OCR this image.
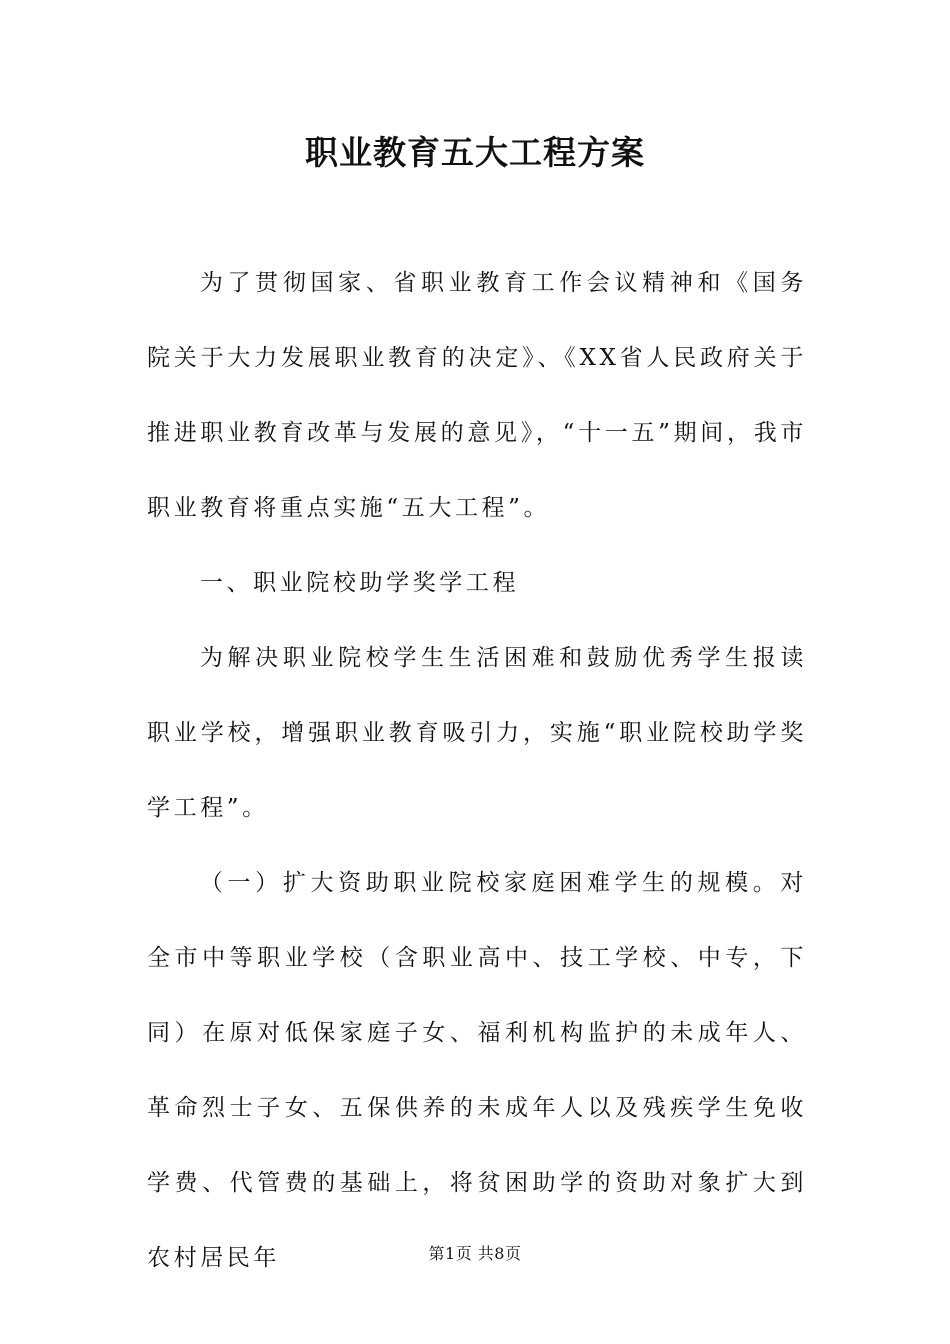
职业教育五大工程方案

为了贯彻国家、省职业教育工作会议精神和《国务院关于大力发展职业教育的决定》、《XX省人民政府关于推进职业教育改革与发展的意见》，“十一五”期间，我市职业教育将重点实施“五大工程”。

一、职业院校助学奖学工程

为解决职业院校学生生活困难和鼓励优秀学生报读职业学校，增强职业教育吸引力，实施“职业院校助学奖学工程”。

（一）扩大资助职业院校家庭困难学生的规模。对全市中等职业学校（含职业高中、技工学校、中专，下同）在原对低保家庭子女、福利机构监护的未成年人、革命烈士子女、五保供养的未成年人以及残疾学生免收学费、代管费的基础上，将贫困助学的资助对象扩大到农村居民年	第1页 共8页
